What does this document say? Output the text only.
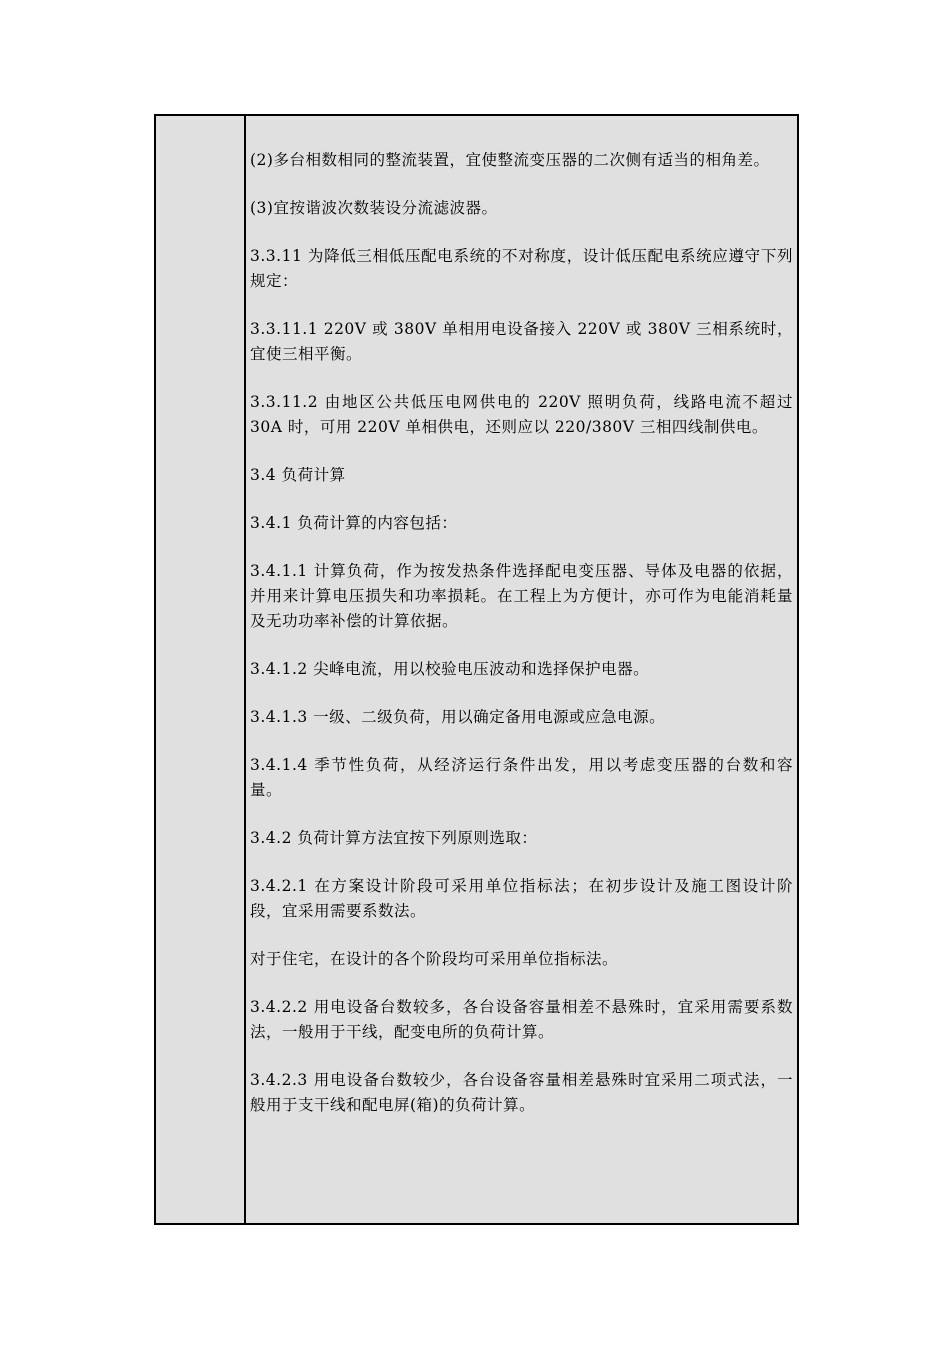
(2)多台相数相同的整流装置，宜使整流变压器的二次侧有适当的相角差。

(3)宜按谐波次数装设分流滤波器。

3.3.11 为降低三相低压配电系统的不对称度，设计低压配电系统应遵守下列规定：

3.3.11.1 220V 或 380V 单相用电设备接入 220V 或 380V 三相系统时，宜使三相平衡。

3.3.11.2 由地区公共低压电网供电的 220V 照明负荷，线路电流不超过 30A 时，可用 220V 单相供电，还则应以 220/380V 三相四线制供电。

3.4 负荷计算

3.4.1 负荷计算的内容包括：

3.4.1.1 计算负荷，作为按发热条件选择配电变压器、导体及电器的依据，并用来计算电压损失和功率损耗。在工程上为方便计，亦可作为电能消耗量及无功功率补偿的计算依据。

3.4.1.2 尖峰电流，用以校验电压波动和选择保护电器。

3.4.1.3 一级、二级负荷，用以确定备用电源或应急电源。

3.4.1.4 季节性负荷，从经济运行条件出发，用以考虑变压器的台数和容量。

3.4.2 负荷计算方法宜按下列原则选取：

3.4.2.1 在方案设计阶段可采用单位指标法；在初步设计及施工图设计阶段，宜采用需要系数法。

对于住宅，在设计的各个阶段均可采用单位指标法。

3.4.2.2 用电设备台数较多，各台设备容量相差不悬殊时，宜采用需要系数法，一般用于干线，配变电所的负荷计算。

3.4.2.3 用电设备台数较少，各台设备容量相差悬殊时宜采用二项式法，一般用于支干线和配电屏(箱)的负荷计算。
